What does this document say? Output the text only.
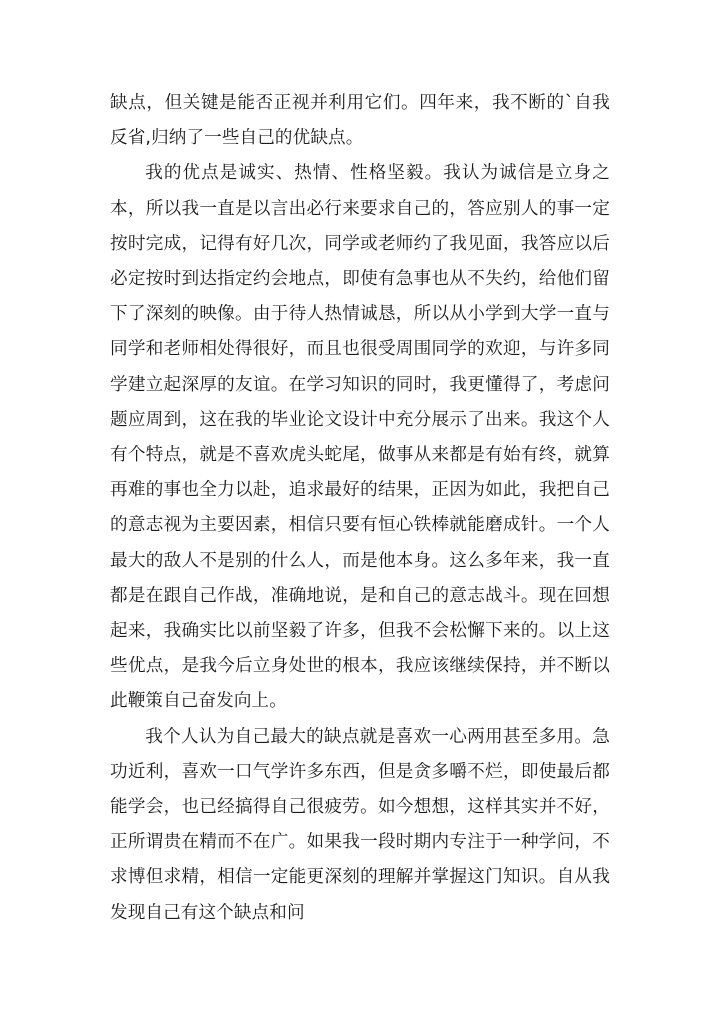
缺点，但关键是能否正视并利用它们。四年来，我不断的`自我反省,归纳了一些自己的优缺点。

我的优点是诚实、热情、性格坚毅。我认为诚信是立身之本，所以我一直是以言出必行来要求自己的，答应别人的事一定按时完成，记得有好几次，同学或老师约了我见面，我答应以后必定按时到达指定约会地点，即使有急事也从不失约，给他们留下了深刻的映像。由于待人热情诚恳，所以从小学到大学一直与同学和老师相处得很好，而且也很受周围同学的欢迎，与许多同学建立起深厚的友谊。在学习知识的同时，我更懂得了，考虑问题应周到，这在我的毕业论文设计中充分展示了出来。我这个人有个特点，就是不喜欢虎头蛇尾，做事从来都是有始有终，就算再难的事也全力以赴，追求最好的结果，正因为如此，我把自己的意志视为主要因素，相信只要有恒心铁棒就能磨成针。一个人最大的敌人不是别的什么人，而是他本身。这么多年来，我一直都是在跟自己作战，准确地说，是和自己的意志战斗。现在回想起来，我确实比以前坚毅了许多，但我不会松懈下来的。以上这些优点，是我今后立身处世的根本，我应该继续保持，并不断以此鞭策自己奋发向上。

我个人认为自己最大的缺点就是喜欢一心两用甚至多用。急功近利，喜欢一口气学许多东西，但是贪多嚼不烂，即使最后都能学会，也已经搞得自己很疲劳。如今想想，这样其实并不好，正所谓贵在精而不在广。如果我一段时期内专注于一种学问，不求博但求精，相信一定能更深刻的理解并掌握这门知识。自从我发现自己有这个缺点和问
